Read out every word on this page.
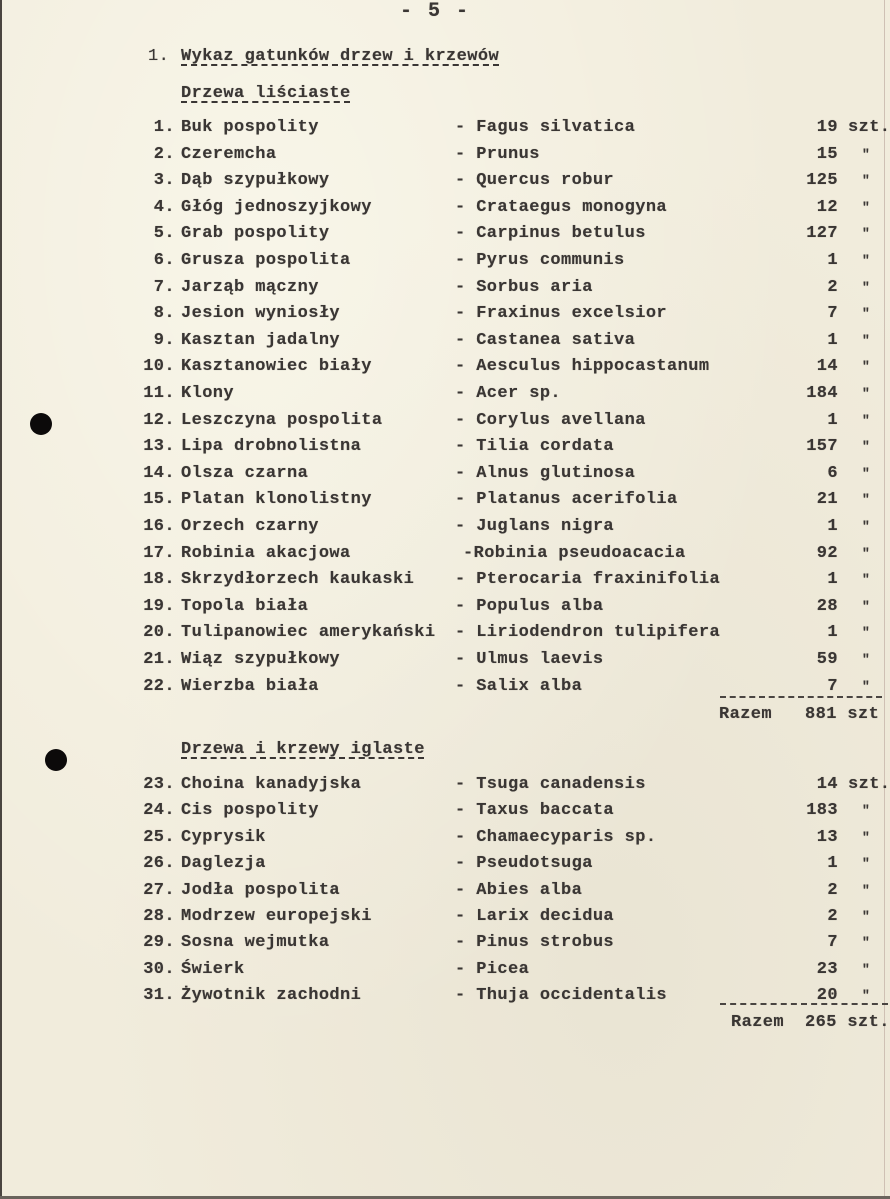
- 5 -
1. Wykaz gatunków drzew i krzewów
Drzewa liściaste
1. Buk pospolity	- Fagus silvatica	19 szt.
2. Czeremcha	- Prunus	15 "
3. Dąb szypułkowy	- Quercus robur	125 "
4. Głóg jednoszyjkowy	- Crataegus monogyna	12 "
5. Grab pospolity	- Carpinus betulus	127 "
6. Grusza pospolita	- Pyrus communis	1 "
7. Jarząb mączny	- Sorbus aria	2 "
8. Jesion wyniosły	- Fraxinus excelsior	7 "
9. Kasztan jadalny	- Castanea sativa	1 "
10. Kasztanowiec biały	- Aesculus hippocastanum	14 "
11. Klony	- Acer sp.	184 "
12. Leszczyna pospolita	- Corylus avellana	1 "
13. Lipa drobnolistna	- Tilia cordata	157 "
14. Olsza czarna	- Alnus glutinosa	6 "
15. Platan klonolistny	- Platanus acerifolia	21 "
16. Orzech czarny	- Juglans nigra	1 "
17. Robinia akacjowa	-Robinia pseudoacacia	92 "
18. Skrzydłorzech kaukaski - Pterocaria fraxinifolia	1 "
19. Topola biała	- Populus alba	28 "
20. Tulipanowiec amerykański - Liriodendron tulipifera	1 "
21. Wiąz szypułkowy	- Ulmus laevis	59 "
22. Wierzba biała	- Salix alba	7 "
Razem 881 szt
Drzewa i krzewy iglaste
23. Choina kanadyjska	- Tsuga canadensis	14 szt.
24. Cis pospolity	- Taxus baccata	183 "
25. Cyprysik	- Chamaecyparis sp.	13 "
26. Daglezja	- Pseudotsuga	1 "
27. Jodła pospolita	- Abies alba	2 "
28. Modrzew europejski	- Larix decidua	2 "
29. Sosna wejmutka	- Pinus strobus	7 "
30. Świerk	- Picea	23 "
31. Żywotnik zachodni	- Thuja occidentalis	20 "
Razem 265 szt.
